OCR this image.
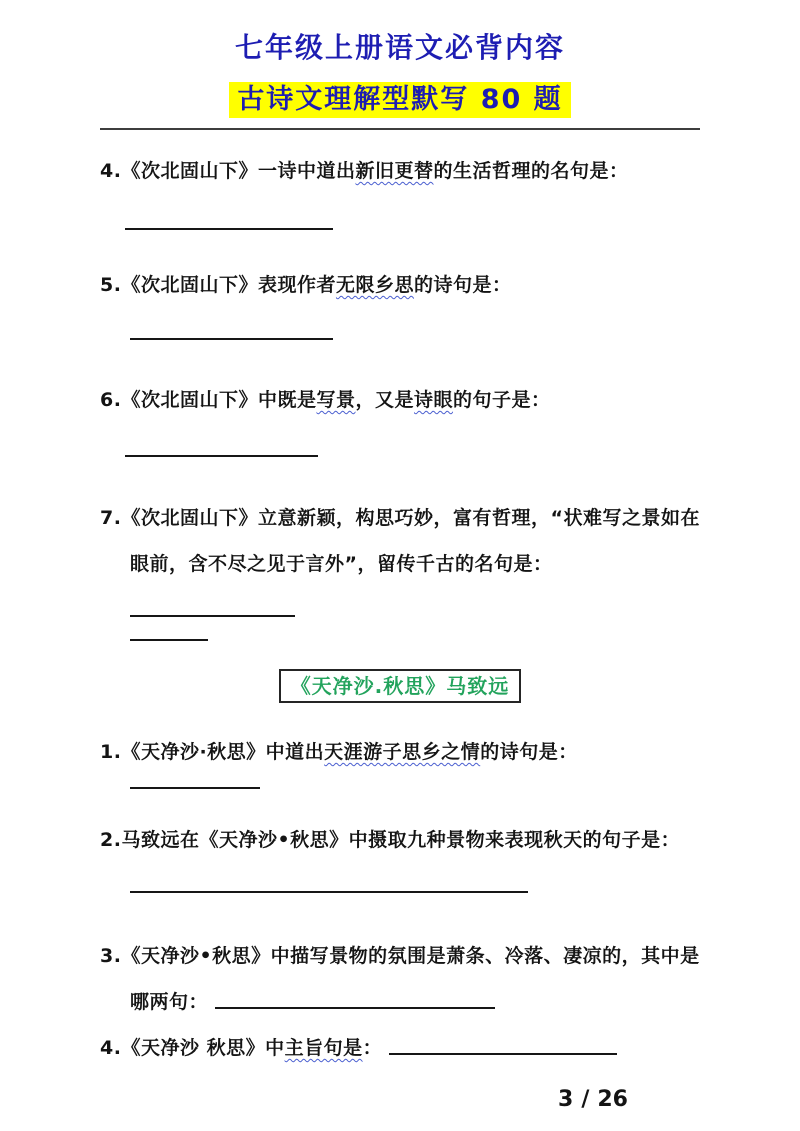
七年级上册语文必背内容
古诗文理解型默写 80 题
4.《次北固山下》一诗中道出新旧更替的生活哲理的名句是：
5.《次北固山下》表现作者无限乡思的诗句是：
6.《次北固山下》中既是写景，又是诗眼的句子是：
7.《次北固山下》立意新颖，构思巧妙，富有哲理，“状难写之景如在眼前，含不尽之见于言外”，留传千古的名句是：
《天净沙.秋思》马致远
1.《天净沙·秋思》中道出天涯游子思乡之情的诗句是：
2.马致远在《天净沙•秋思》中摄取九种景物来表现秋天的句子是：
3.《天净沙•秋思》中描写景物的氛围是萧条、冷落、凄凉的，其中是哪两句：
4.《天净沙 秋思》中主旨句是：
3 / 26
